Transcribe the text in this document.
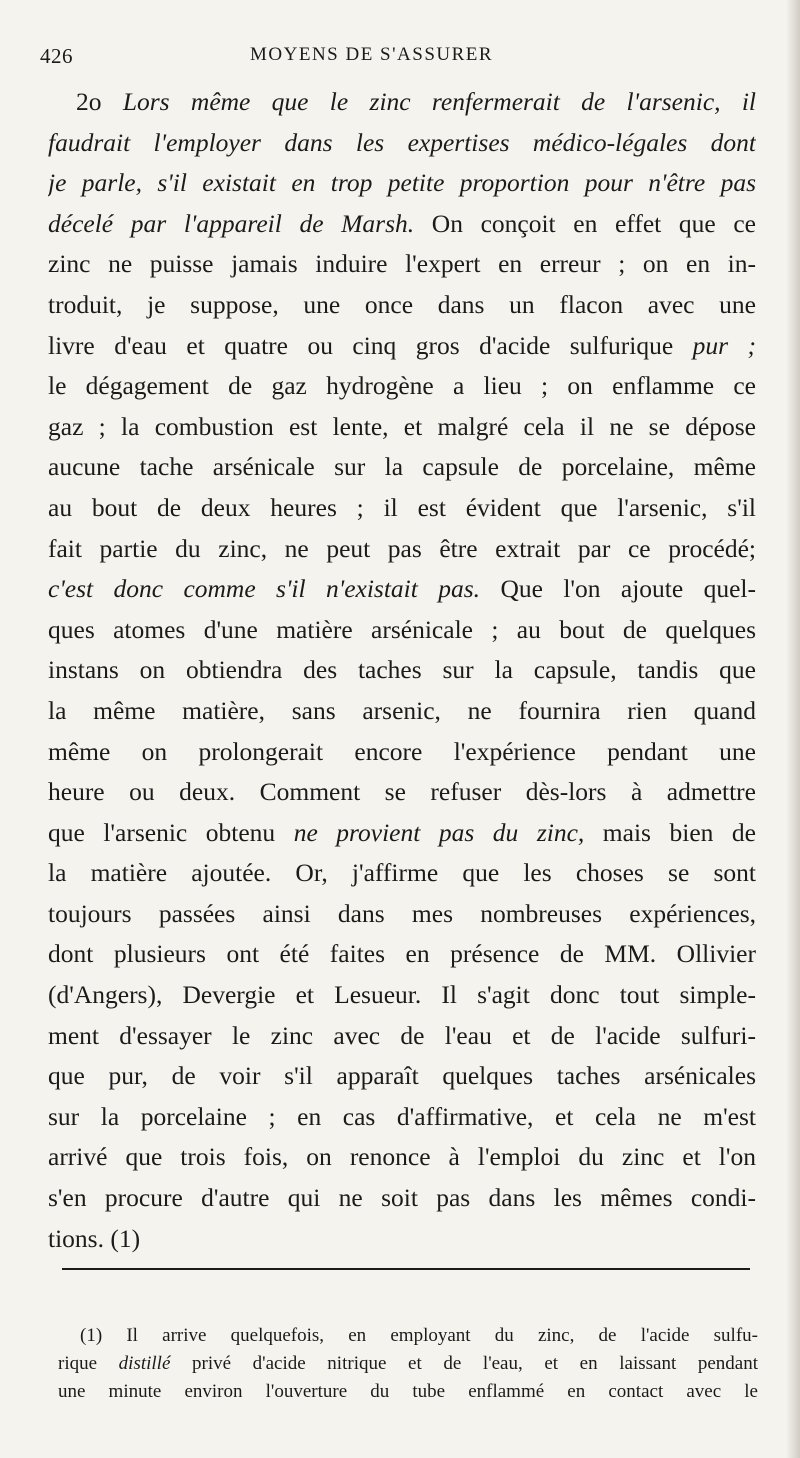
426	MOYENS DE S'ASSURER
2o Lors même que le zinc renfermerait de l'arsenic, il
faudrait l'employer dans les expertises médico-légales dont
je parle, s'il existait en trop petite proportion pour n'être pas
décelé par l'appareil de Marsh. On conçoit en effet que ce
zinc ne puisse jamais induire l'expert en erreur ; on en in-
troduit, je suppose, une once dans un flacon avec une
livre d'eau et quatre ou cinq gros d'acide sulfurique pur ;
le dégagement de gaz hydrogène a lieu ; on enflamme ce
gaz ; la combustion est lente, et malgré cela il ne se dépose
aucune tache arsénicale sur la capsule de porcelaine, même
au bout de deux heures ; il est évident que l'arsenic, s'il
fait partie du zinc, ne peut pas être extrait par ce procédé;
c'est donc comme s'il n'existait pas. Que l'on ajoute quel-
ques atomes d'une matière arsénicale ; au bout de quelques
instans on obtiendra des taches sur la capsule, tandis que
la même matière, sans arsenic, ne fournira rien quand
même on prolongerait encore l'expérience pendant une
heure ou deux. Comment se refuser dès-lors à admettre
que l'arsenic obtenu ne provient pas du zinc, mais bien de
la matière ajoutée. Or, j'affirme que les choses se sont
toujours passées ainsi dans mes nombreuses expériences,
dont plusieurs ont été faites en présence de MM. Ollivier
(d'Angers), Devergie et Lesueur. Il s'agit donc tout simple-
ment d'essayer le zinc avec de l'eau et de l'acide sulfuri-
que pur, de voir s'il apparaît quelques taches arsénicales
sur la porcelaine ; en cas d'affirmative, et cela ne m'est
arrivé que trois fois, on renonce à l'emploi du zinc et l'on
s'en procure d'autre qui ne soit pas dans les mêmes condi-
tions. (1)
(1) Il arrive quelquefois, en employant du zinc, de l'acide sulfu-
rique distillé privé d'acide nitrique et de l'eau, et en laissant pendant
une minute environ l'ouverture du tube enflammé en contact avec le
